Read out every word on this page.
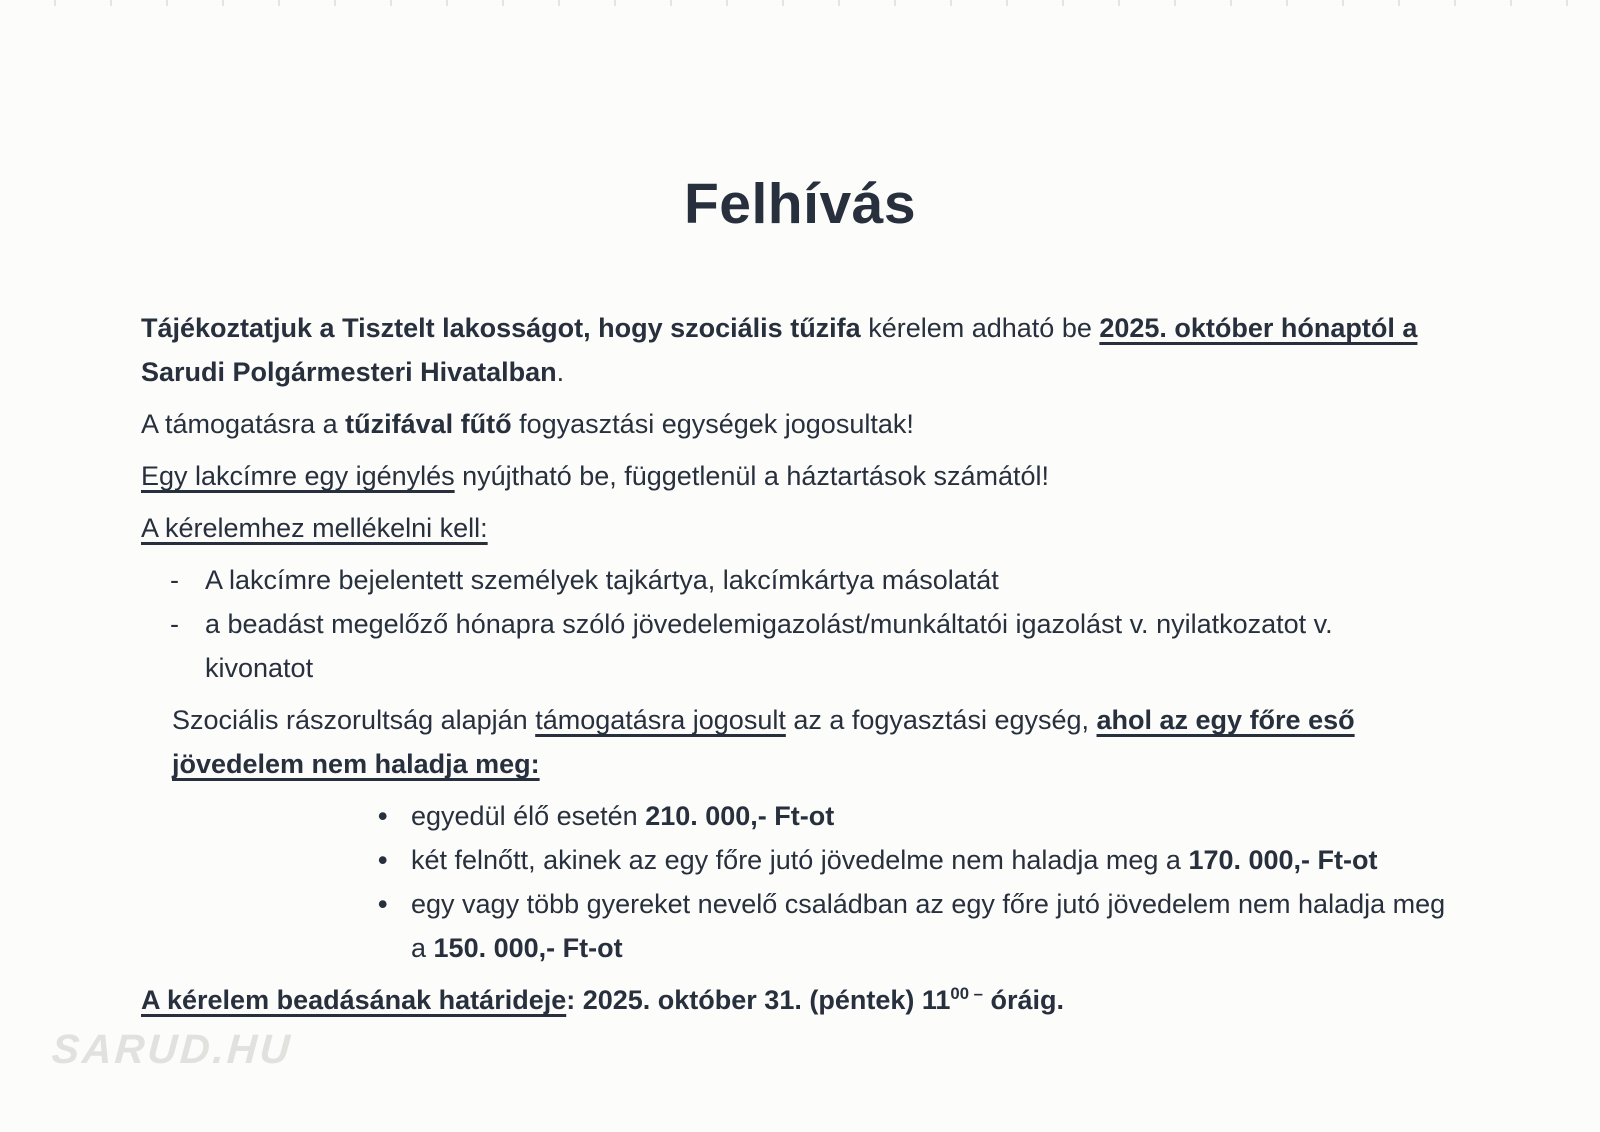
Felhívás

Tájékoztatjuk a Tisztelt lakosságot, hogy szociális tűzifa kérelem adható be 2025. október hónaptól a
Sarudi Polgármesteri Hivatalban.

A támogatásra a tűzifával fűtő fogyasztási egységek jogosultak!

Egy lakcímre egy igénylés nyújtható be, függetlenül a háztartások számától!

A kérelemhez mellékelni kell:

- A lakcímre bejelentett személyek tajkártya, lakcímkártya másolatát
- a beadást megelőző hónapra szóló jövedelemigazolást/munkáltatói igazolást v. nyilatkozatot v.
kivonatot

Szociális rászorultság alapján támogatásra jogosult az a fogyasztási egység, ahol az egy főre eső
jövedelem nem haladja meg:

• egyedül élő esetén 210. 000,- Ft-ot
• két felnőtt, akinek az egy főre jutó jövedelme nem haladja meg a 170. 000,- Ft-ot
• egy vagy több gyereket nevelő családban az egy főre jutó jövedelem nem haladja meg
a 150. 000,- Ft-ot

A kérelem beadásának határideje: 2025. október 31. (péntek) $11^{00 -}$ óráig.

SARUD.HU
